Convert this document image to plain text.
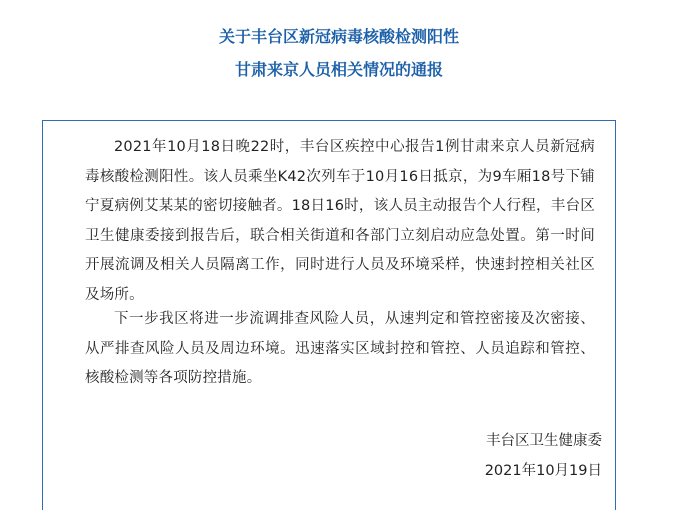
关于丰台区新冠病毒核酸检测阳性
甘肃来京人员相关情况的通报

2021年10月18日晚22时，丰台区疾控中心报告1例甘肃来京人员新冠病毒核酸检测阳性。该人员乘坐K42次列车于10月16日抵京，为9车厢18号下铺宁夏病例艾某某的密切接触者。18日16时，该人员主动报告个人行程，丰台区卫生健康委接到报告后，联合相关街道和各部门立刻启动应急处置。第一时间开展流调及相关人员隔离工作，同时进行人员及环境采样，快速封控相关社区及场所。

下一步我区将进一步流调排查风险人员，从速判定和管控密接及次密接、从严排查风险人员及周边环境。迅速落实区域封控和管控、人员追踪和管控、核酸检测等各项防控措施。

丰台区卫生健康委
2021年10月19日
